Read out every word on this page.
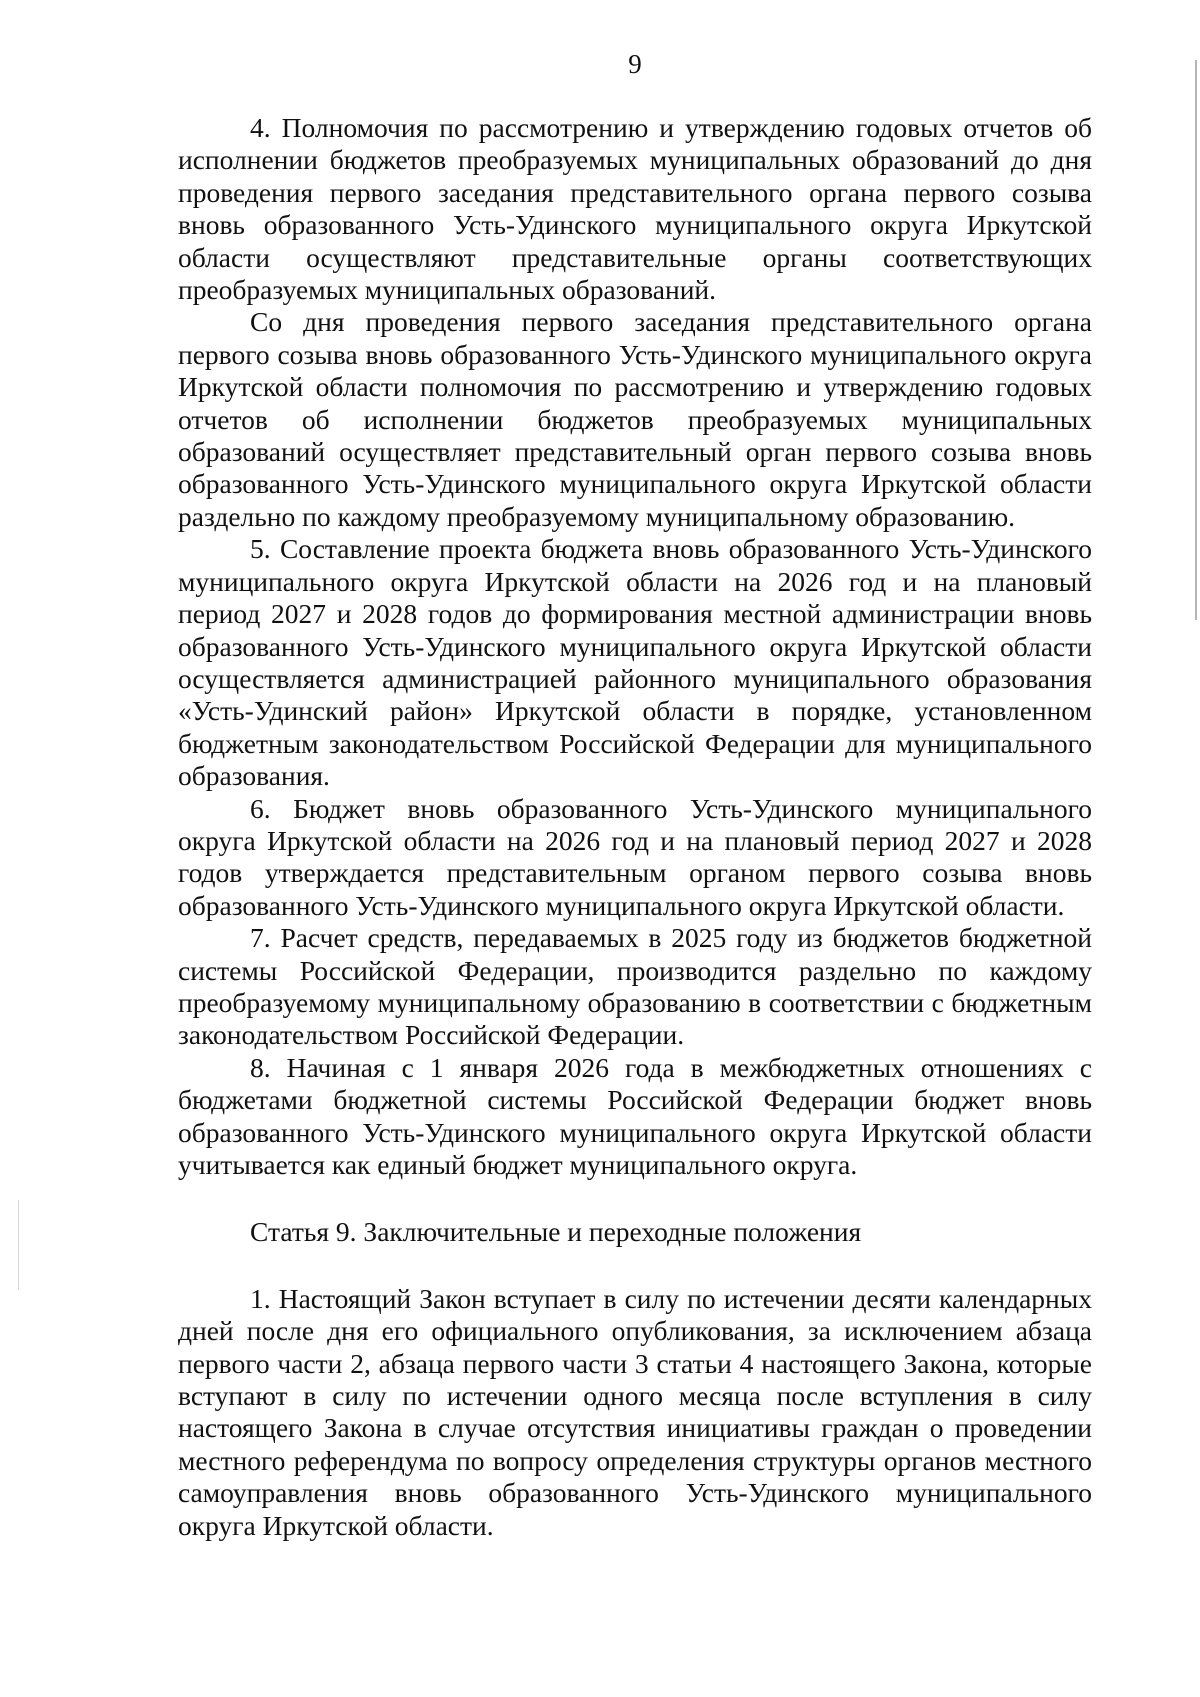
9

4. Полномочия по рассмотрению и утверждению годовых отчетов об исполнении бюджетов преобразуемых муниципальных образований до дня проведения первого заседания представительного органа первого созыва вновь образованного Усть-Удинского муниципального округа Иркутской области осуществляют представительные органы соответствующих преобразуемых муниципальных образований.

Со дня проведения первого заседания представительного органа первого созыва вновь образованного Усть-Удинского муниципального округа Иркутской области полномочия по рассмотрению и утверждению годовых отчетов об исполнении бюджетов преобразуемых муниципальных образований осуществляет представительный орган первого созыва вновь образованного Усть-Удинского муниципального округа Иркутской области раздельно по каждому преобразуемому муниципальному образованию.

5. Составление проекта бюджета вновь образованного Усть-Удинского муниципального округа Иркутской области на 2026 год и на плановый период 2027 и 2028 годов до формирования местной администрации вновь образованного Усть-Удинского муниципального округа Иркутской области осуществляется администрацией районного муниципального образования «Усть-Удинский район» Иркутской области в порядке, установленном бюджетным законодательством Российской Федерации для муниципального образования.

6. Бюджет вновь образованного Усть-Удинского муниципального округа Иркутской области на 2026 год и на плановый период 2027 и 2028 годов утверждается представительным органом первого созыва вновь образованного Усть-Удинского муниципального округа Иркутской области.

7. Расчет средств, передаваемых в 2025 году из бюджетов бюджетной системы Российской Федерации, производится раздельно по каждому преобразуемому муниципальному образованию в соответствии с бюджетным законодательством Российской Федерации.

8. Начиная с 1 января 2026 года в межбюджетных отношениях с бюджетами бюджетной системы Российской Федерации бюджет вновь образованного Усть-Удинского муниципального округа Иркутской области учитывается как единый бюджет муниципального округа.

Статья 9. Заключительные и переходные положения

1. Настоящий Закон вступает в силу по истечении десяти календарных дней после дня его официального опубликования, за исключением абзаца первого части 2, абзаца первого части 3 статьи 4 настоящего Закона, которые вступают в силу по истечении одного месяца после вступления в силу настоящего Закона в случае отсутствия инициативы граждан о проведении местного референдума по вопросу определения структуры органов местного самоуправления вновь образованного Усть-Удинского муниципального округа Иркутской области.
